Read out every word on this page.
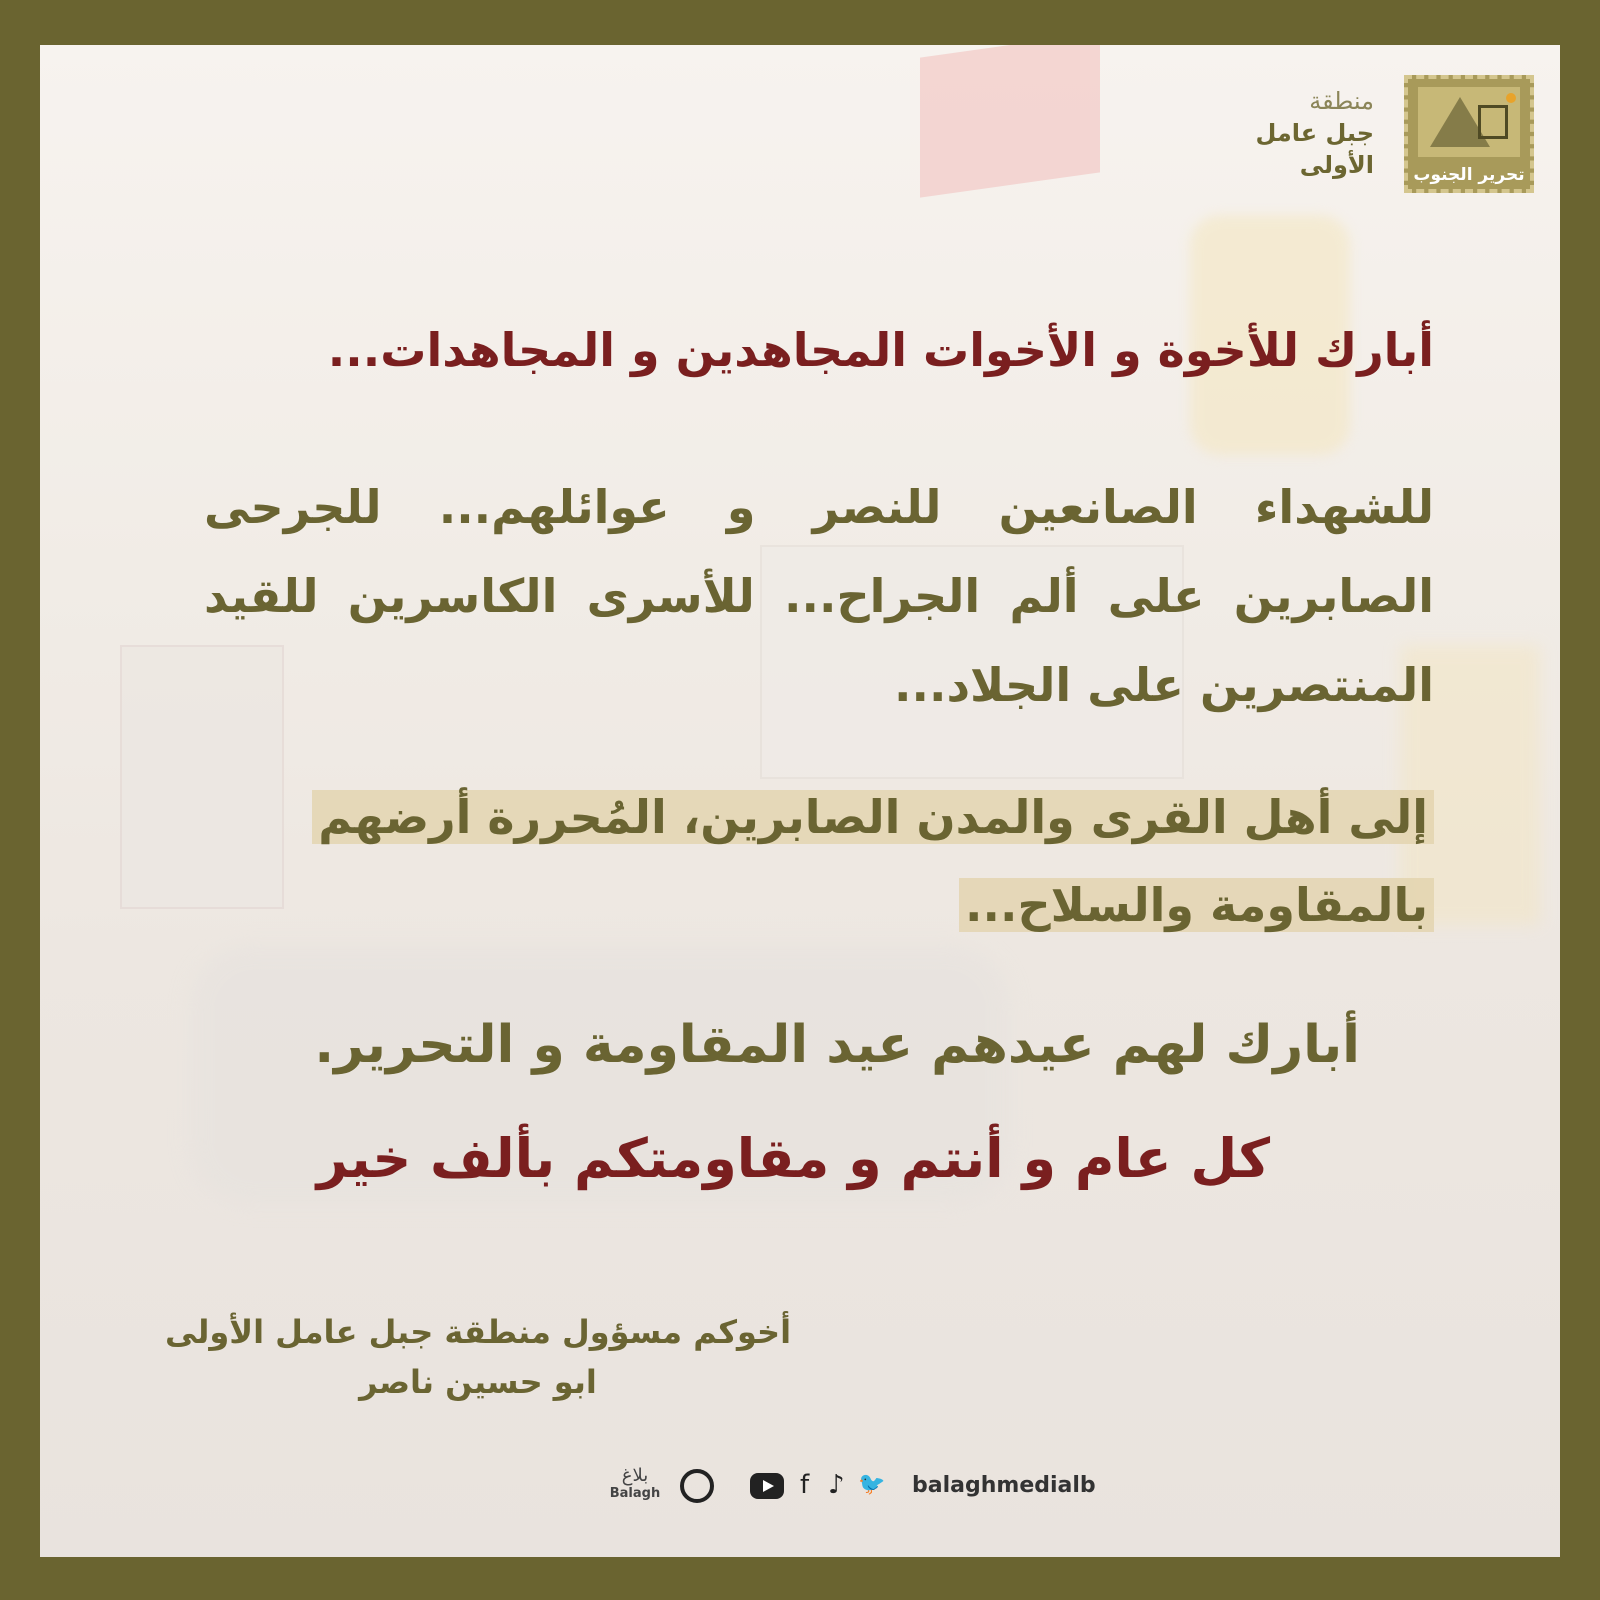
تحرير الجنوب
منطقة
جبل عامل
الأولى
أبارك للأخوة و الأخوات المجاهدين و المجاهدات...
للشهداء الصانعين للنصر و عوائلهم... للجرحى الصابرين على ألم الجراح... للأسرى الكاسرين للقيد المنتصرين على الجلاد...
إلى أهل القرى والمدن الصابرين، المُحررة أرضهم
بالمقاومة والسلاح...
أبارك لهم عيدهم عيد المقاومة و التحرير.
كل عام و أنتم و مقاومتكم بألف خير
أخوكم مسؤول منطقة جبل عامل الأولى
ابو حسين ناصر
بلاغ
Balagh	f ♪ 🐦 balaghmedialb
